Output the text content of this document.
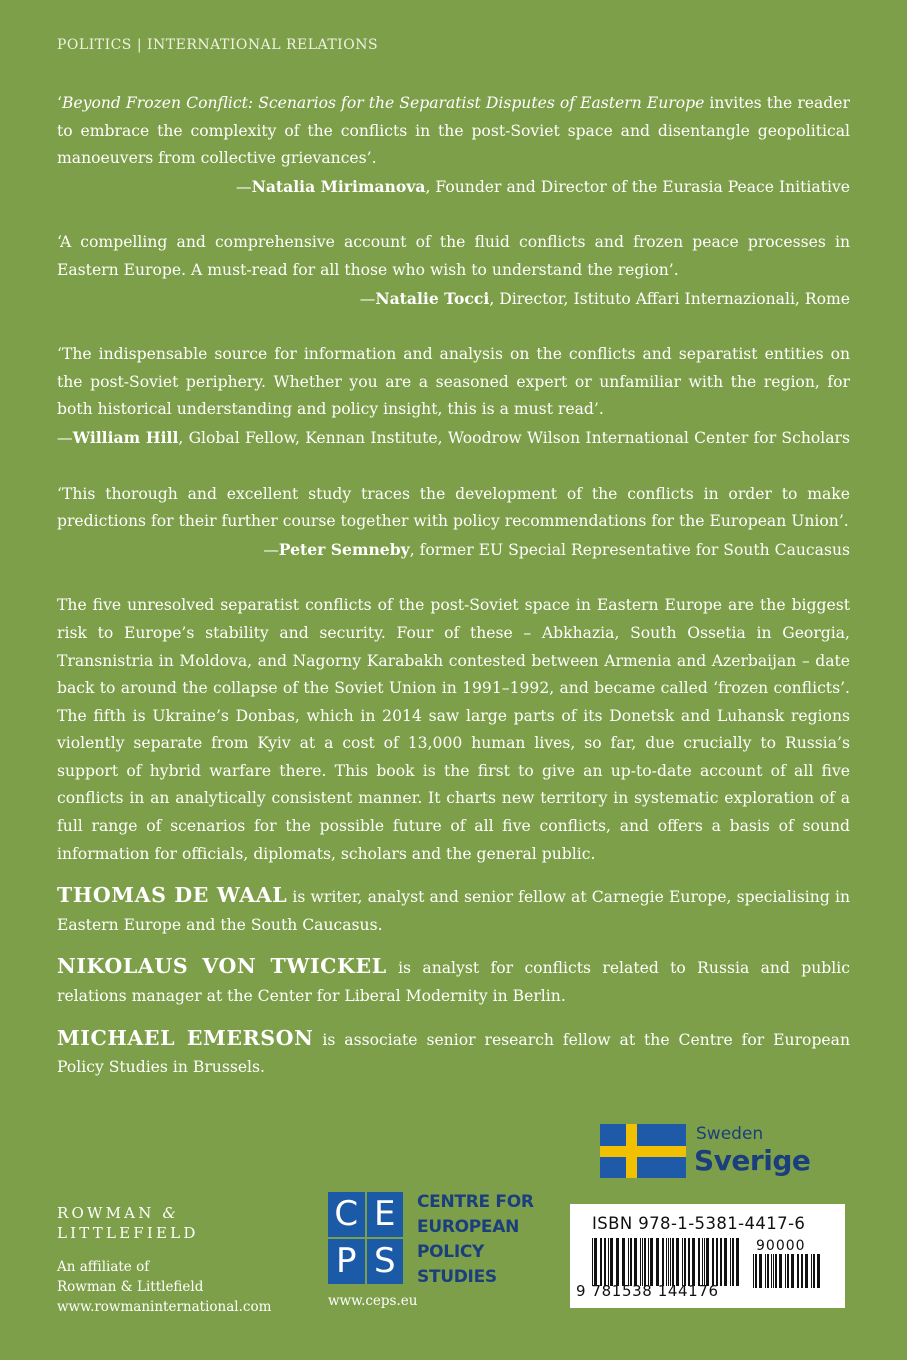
POLITICS | INTERNATIONAL RELATIONS

‘Beyond Frozen Conflict: Scenarios for the Separatist Disputes of Eastern Europe invites the reader to embrace the complexity of the conflicts in the post-Soviet space and disentangle geopolitical manoeuvers from collective grievances’.

—Natalia Mirimanova, Founder and Director of the Eurasia Peace Initiative

‘A compelling and comprehensive account of the fluid conflicts and frozen peace processes in Eastern Europe. A must-read for all those who wish to understand the region’.

—Natalie Tocci, Director, Istituto Affari Internazionali, Rome

‘The indispensable source for information and analysis on the conflicts and separatist entities on the post-Soviet periphery. Whether you are a seasoned expert or unfamiliar with the region, for both historical understanding and policy insight, this is a must read’.

—William Hill, Global Fellow, Kennan Institute, Woodrow Wilson International Center for Scholars

‘This thorough and excellent study traces the development of the conflicts in order to make predictions for their further course together with policy recommendations for the European Union’.

—Peter Semneby, former EU Special Representative for South Caucasus

The five unresolved separatist conflicts of the post-Soviet space in Eastern Europe are the biggest risk to Europe’s stability and security. Four of these – Abkhazia, South Ossetia in Georgia, Transnistria in Moldova, and Nagorny Karabakh contested between Armenia and Azerbaijan – date back to around the collapse of the Soviet Union in 1991–1992, and became called ‘frozen conflicts’. The fifth is Ukraine’s Donbas, which in 2014 saw large parts of its Donetsk and Luhansk regions violently separate from Kyiv at a cost of 13,000 human lives, so far, due crucially to Russia’s support of hybrid warfare there. This book is the first to give an up-to-date account of all five conflicts in an analytically consistent manner. It charts new territory in systematic exploration of a full range of scenarios for the possible future of all five conflicts, and offers a basis of sound information for officials, diplomats, scholars and the general public.

THOMAS DE WAAL is writer, analyst and senior fellow at Carnegie Europe, specialising in Eastern Europe and the South Caucasus.

NIKOLAUS VON TWICKEL is analyst for conflicts related to Russia and public relations manager at the Center for Liberal Modernity in Berlin.

MICHAEL EMERSON is associate senior research fellow at the Centre for European Policy Studies in Brussels.

Sweden
Sverige
ROWMAN &
LITTLEFIELD
An affiliate of
Rowman & Littlefield
www.rowmaninternational.com
C E
P S
CENTRE FOR
EUROPEAN
POLICY
STUDIES
www.ceps.eu
ISBN 978-1-5381-4417-6
90000
9 781538 144176
